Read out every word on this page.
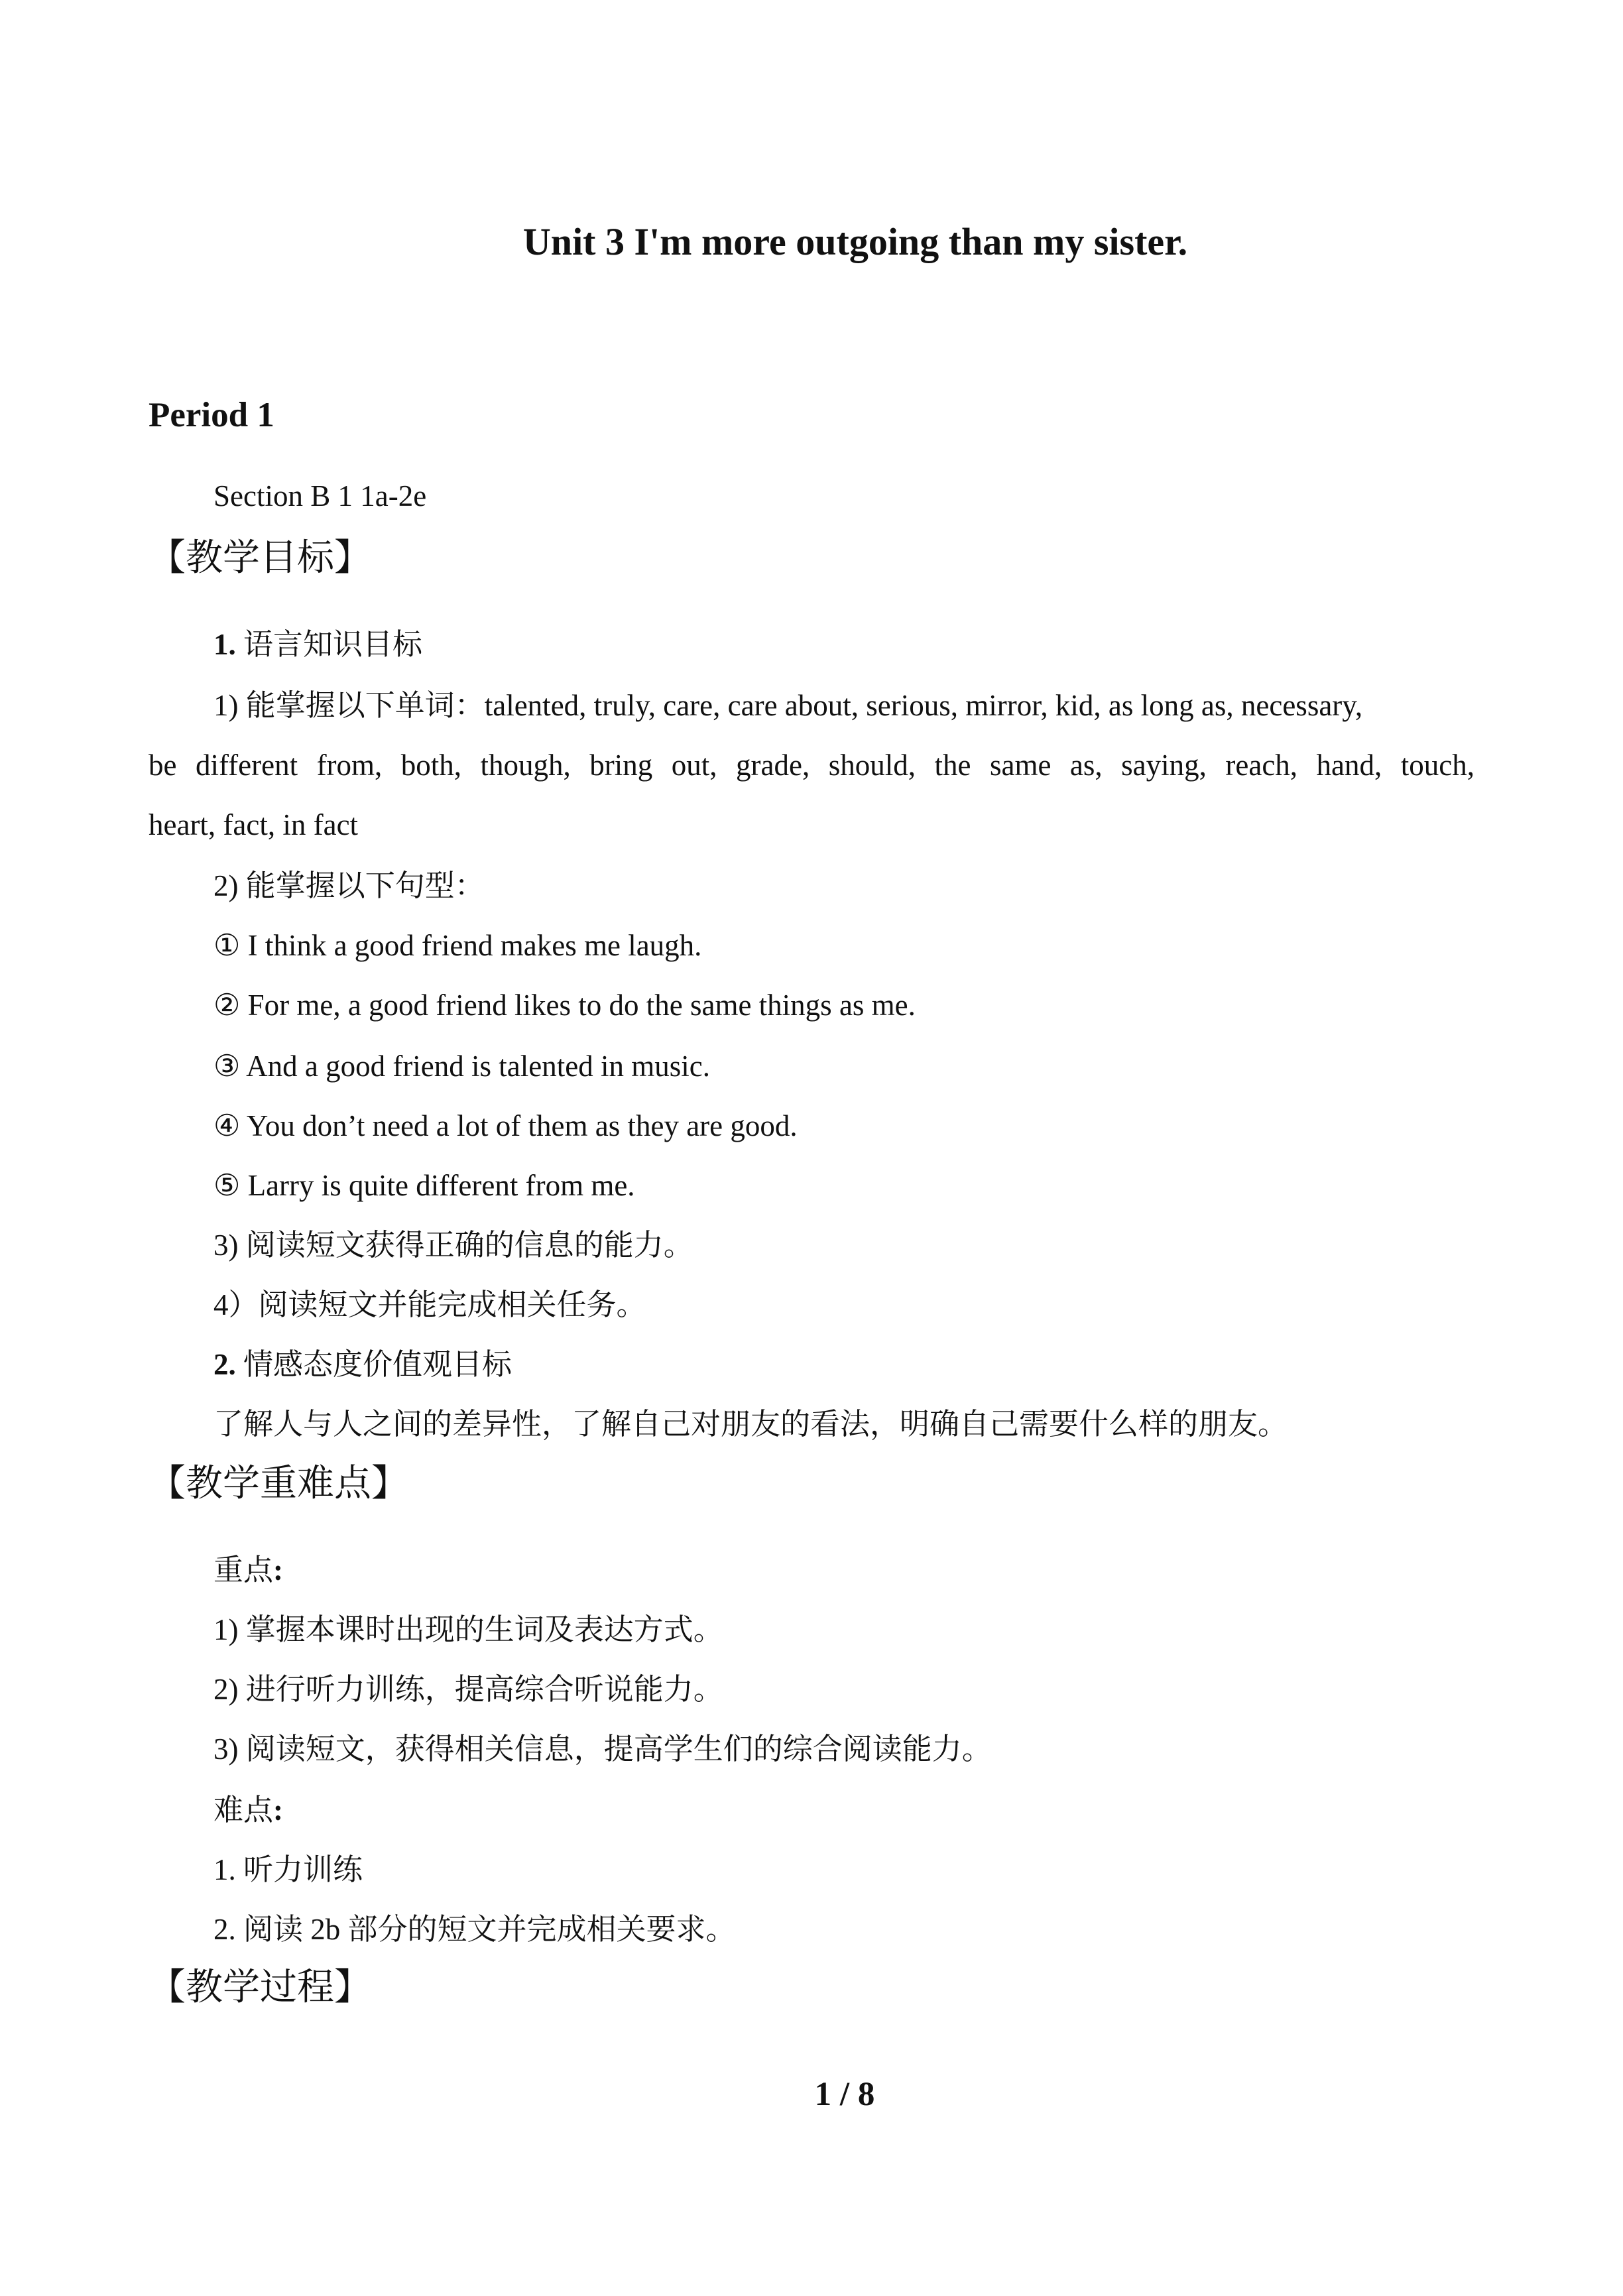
Unit 3 I'm more outgoing than my sister.
Period 1
Section B 1 1a-2e
【教学目标】
1. 语言知识目标
1) 能掌握以下单词：talented, truly, care, care about, serious, mirror, kid, as long as, necessary,
be different from, both, though, bring out, grade, should, the same as, saying, reach, hand, touch,
heart, fact, in fact
2) 能掌握以下句型：
① I think a good friend makes me laugh.
② For me, a good friend likes to do the same things as me.
③ And a good friend is talented in music.
④ You don’t need a lot of them as they are good.
⑤ Larry is quite different from me.
3) 阅读短文获得正确的信息的能力。
4）阅读短文并能完成相关任务。
2. 情感态度价值观目标
了解人与人之间的差异性，了解自己对朋友的看法，明确自己需要什么样的朋友。
【教学重难点】
重点:
1) 掌握本课时出现的生词及表达方式。
2) 进行听力训练，提高综合听说能力。
3) 阅读短文，获得相关信息，提高学生们的综合阅读能力。
难点:
1. 听力训练
2. 阅读 2b 部分的短文并完成相关要求。
【教学过程】
1 / 8
